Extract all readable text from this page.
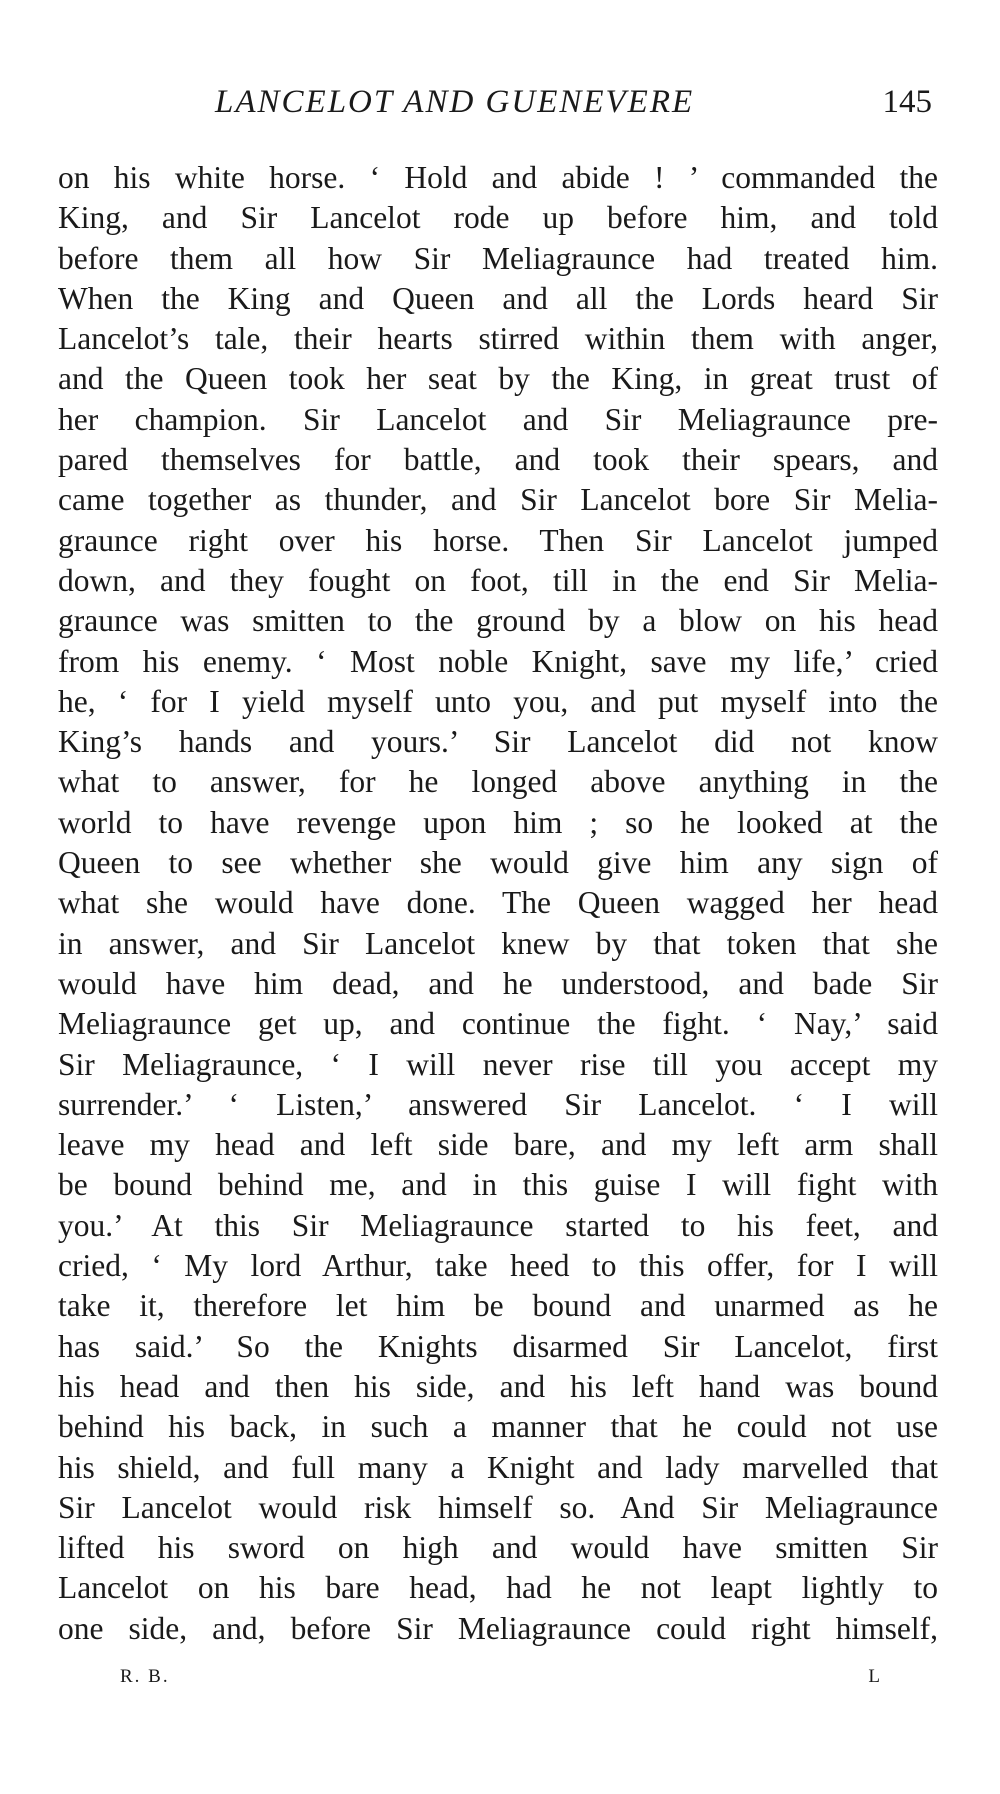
LANCELOT AND GUENEVERE	145
on his white horse. ‘ Hold and abide ! ’ commanded the
King, and Sir Lancelot rode up before him, and told
before them all how Sir Meliagraunce had treated him.
When the King and Queen and all the Lords heard Sir
Lancelot’s tale, their hearts stirred within them with anger,
and the Queen took her seat by the King, in great trust of
her champion. Sir Lancelot and Sir Meliagraunce pre-
pared themselves for battle, and took their spears, and
came together as thunder, and Sir Lancelot bore Sir Melia-
graunce right over his horse. Then Sir Lancelot jumped
down, and they fought on foot, till in the end Sir Melia-
graunce was smitten to the ground by a blow on his head
from his enemy. ‘ Most noble Knight, save my life,’ cried
he, ‘ for I yield myself unto you, and put myself into the
King’s hands and yours.’ Sir Lancelot did not know
what to answer, for he longed above anything in the
world to have revenge upon him ; so he looked at the
Queen to see whether she would give him any sign of
what she would have done. The Queen wagged her head
in answer, and Sir Lancelot knew by that token that she
would have him dead, and he understood, and bade Sir
Meliagraunce get up, and continue the fight. ‘ Nay,’ said
Sir Meliagraunce, ‘ I will never rise till you accept my
surrender.’ ‘ Listen,’ answered Sir Lancelot. ‘ I will
leave my head and left side bare, and my left arm shall
be bound behind me, and in this guise I will fight with
you.’ At this Sir Meliagraunce started to his feet, and
cried, ‘ My lord Arthur, take heed to this offer, for I will
take it, therefore let him be bound and unarmed as he
has said.’ So the Knights disarmed Sir Lancelot, first
his head and then his side, and his left hand was bound
behind his back, in such a manner that he could not use
his shield, and full many a Knight and lady marvelled that
Sir Lancelot would risk himself so. And Sir Meliagraunce
lifted his sword on high and would have smitten Sir
Lancelot on his bare head, had he not leapt lightly to
one side, and, before Sir Meliagraunce could right himself,
R. B.	L
